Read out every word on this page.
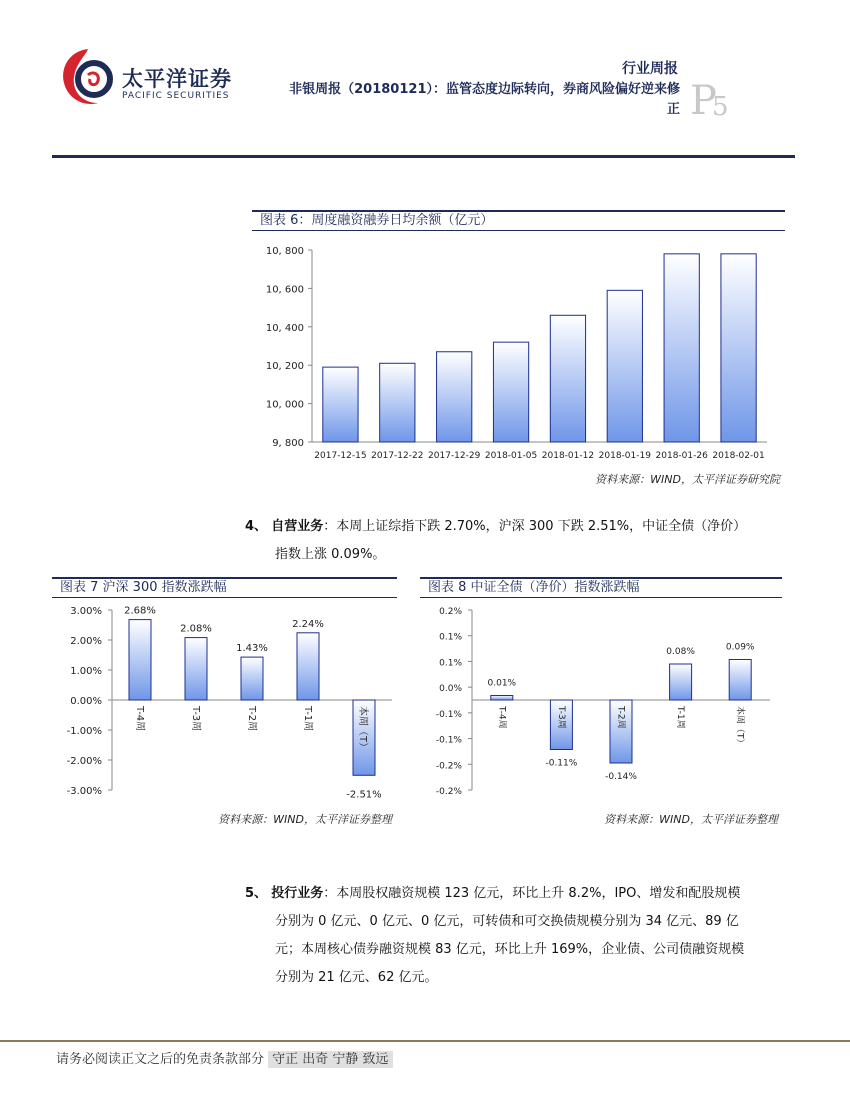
太平洋证券
PACIFIC SECURITIES
行业周报
非银周报（20180121）：监管态度边际转向，券商风险偏好逆来修
正 P
5
图表 6：周度融资融券日均余额（亿元）
9, 800
10, 000
10, 200
10, 400
10, 600
10, 800
2017-12-15 2017-12-22 2017-12-29 2018-01-05 2018-01-12 2018-01-19 2018-01-26 2018-02-01
资料来源：WIND，太平洋证券研究院
4、 自营业务：本周上证综指下跌 2.70%，沪深 300 下跌 2.51%，中证全债（净价）
指数上涨 0.09%。
图表 7 沪深 300 指数涨跌幅
3.00%
2.00%
1.00%
0.00%
-1.00%
-2.00%
-3.00%
2.68%
T-4周
2.08%
T-3周
1.43%
T-2周
2.24%
T-1周
-2.51%
本周（T）
资料来源：WIND，太平洋证券整理
图表 8 中证全债（净价）指数涨跌幅
0.2%
0.1%
0.1%
0.0%
-0.1%
-0.1%
-0.2%
-0.2%
0.01%
T-4周
-0.11%
T-3周
-0.14%
T-2周
0.08%
T-1周
0.09%
本周（T）
资料来源：WIND，太平洋证券整理
5、 投行业务：本周股权融资规模 123 亿元，环比上升 8.2%，IPO、增发和配股规模
分别为 0 亿元、0 亿元、0 亿元，可转债和可交换债规模分别为 34 亿元、89 亿
元；本周核心债券融资规模 83 亿元，环比上升 169%，企业债、公司债融资规模
分别为 21 亿元、62 亿元。
请务必阅读正文之后的免责条款部分 守正 出奇 宁静 致远
